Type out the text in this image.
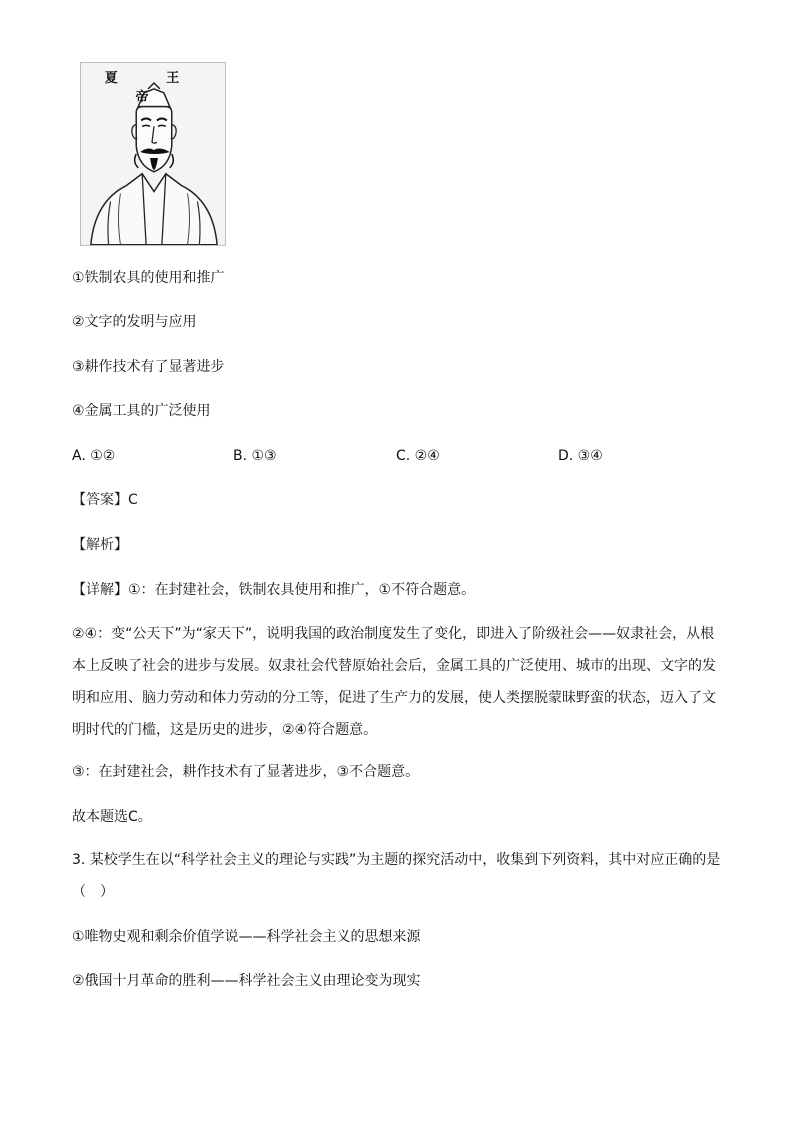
夏 王 帝
①铁制农具的使用和推广
②文字的发明与应用
③耕作技术有了显著进步
④金属工具的广泛使用
A. ①②	B. ①③	C. ②④	D. ③④
【答案】C
【解析】
【详解】①：在封建社会，铁制农具使用和推广，①不符合题意。
②④：变“公天下”为“家天下”，说明我国的政治制度发生了变化，即进入了阶级社会——奴隶社会，从根本上反映了社会的进步与发展。奴隶社会代替原始社会后，金属工具的广泛使用、城市的出现、文字的发明和应用、脑力劳动和体力劳动的分工等，促进了生产力的发展，使人类摆脱蒙昧野蛮的状态，迈入了文明时代的门槛，这是历史的进步，②④符合题意。
③：在封建社会，耕作技术有了显著进步，③不合题意。
故本题选C。
3. 某校学生在以“科学社会主义的理论与实践”为主题的探究活动中，收集到下列资料，其中对应正确的是（　）
①唯物史观和剩余价值学说——科学社会主义的思想来源
②俄国十月革命的胜利——科学社会主义由理论变为现实
